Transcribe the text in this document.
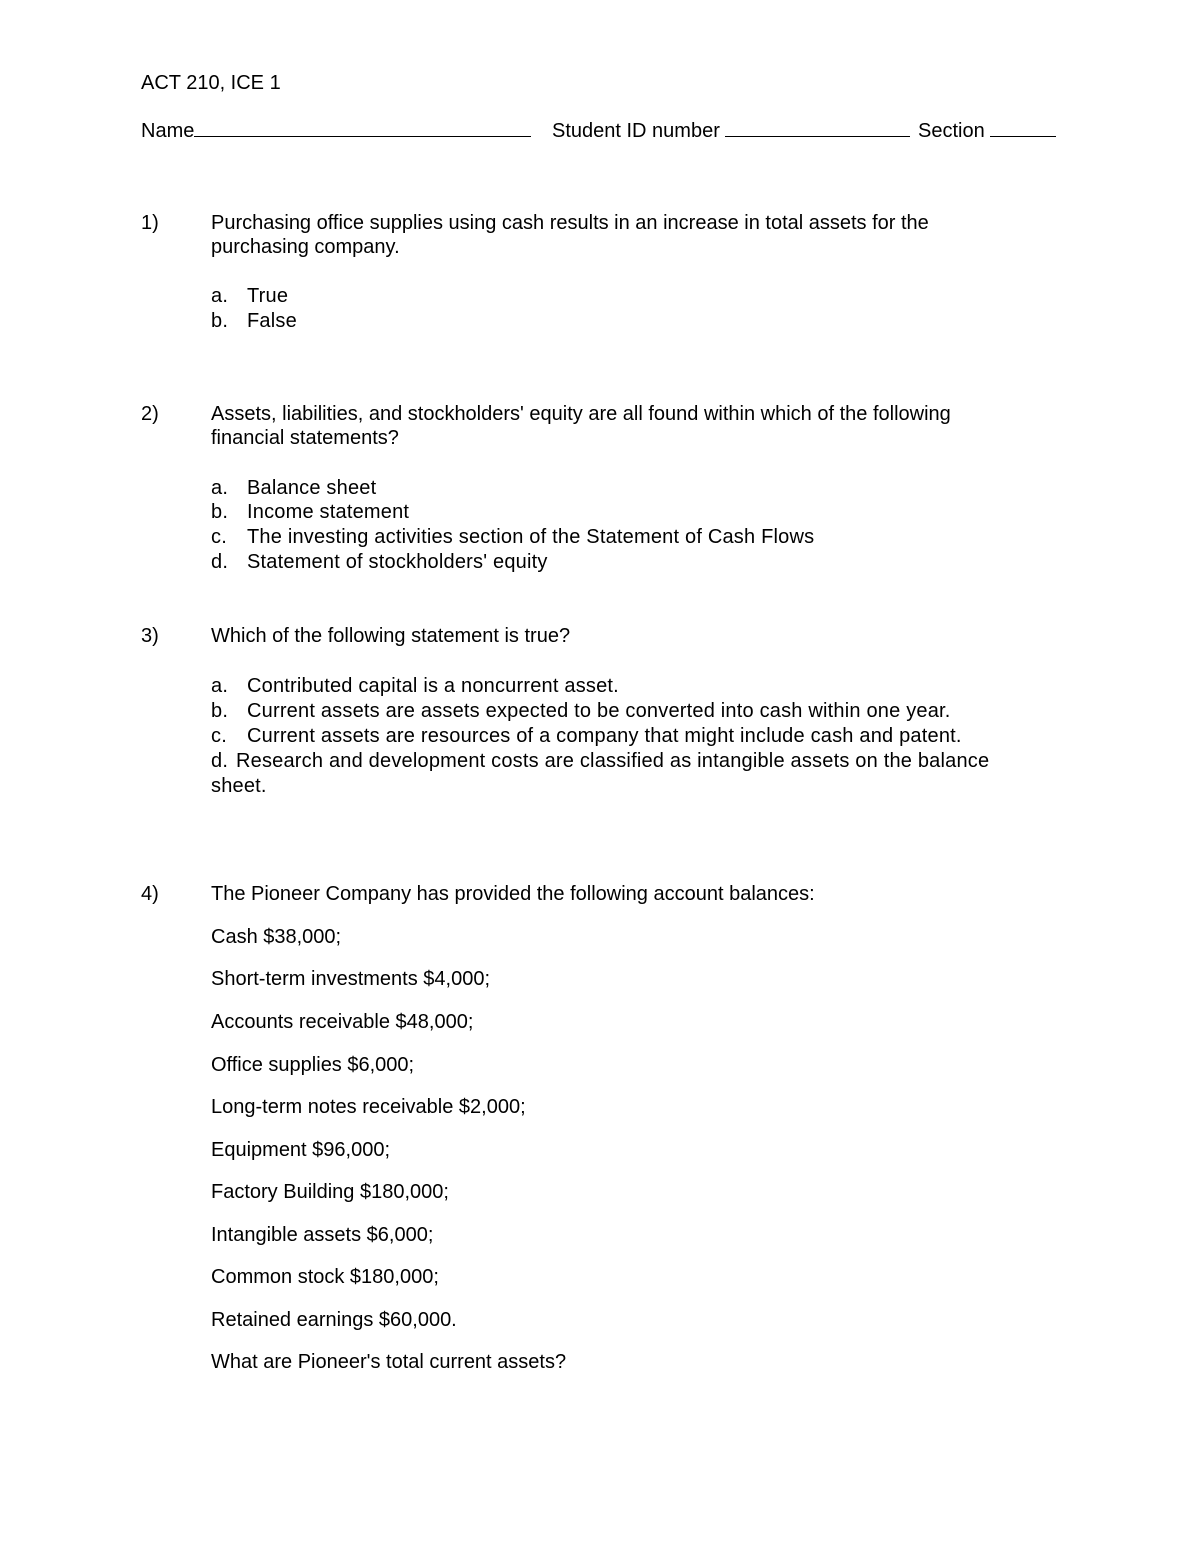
ACT 210, ICE 1
Name	Student ID number	Section
1)	Purchasing office supplies using cash results in an increase in total assets for the
purchasing company.
a. True
b. False
2)	Assets, liabilities, and stockholders' equity are all found within which of the following
financial statements?
a. Balance sheet
b. Income statement
c. The investing activities section of the Statement of Cash Flows
d. Statement of stockholders' equity
3)	Which of the following statement is true?
a. Contributed capital is a noncurrent asset.
b. Current assets are assets expected to be converted into cash within one year.
c. Current assets are resources of a company that might include cash and patent.
d. Research and development costs are classified as intangible assets on the balance
sheet.
4)	The Pioneer Company has provided the following account balances:
Cash $38,000;
Short-term investments $4,000;
Accounts receivable $48,000;
Office supplies $6,000;
Long-term notes receivable $2,000;
Equipment $96,000;
Factory Building $180,000;
Intangible assets $6,000;
Common stock $180,000;
Retained earnings $60,000.
What are Pioneer's total current assets?
